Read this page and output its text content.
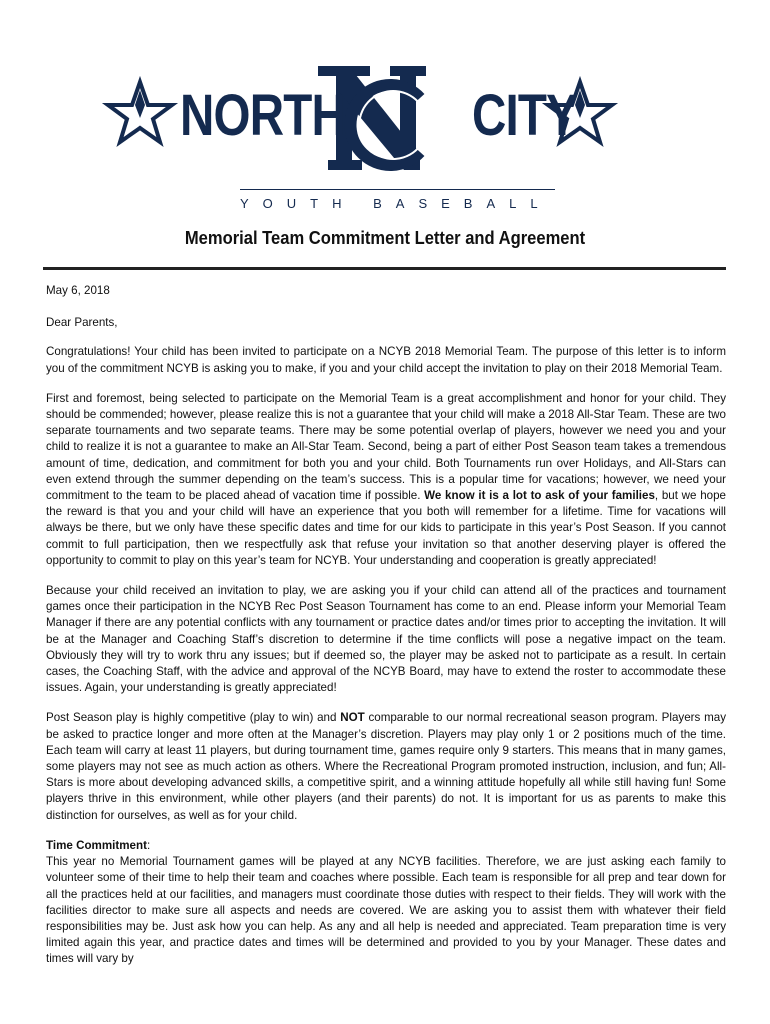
NORTH CITY
YOUTH BASEBALL
Memorial Team Commitment Letter and Agreement

May 6, 2018

Dear Parents,

Congratulations! Your child has been invited to participate on a NCYB 2018 Memorial Team. The purpose of this letter is to inform you of the commitment NCYB is asking you to make, if you and your child accept the invitation to play on their 2018 Memorial Team.

First and foremost, being selected to participate on the Memorial Team is a great accomplishment and honor for your child. They should be commended; however, please realize this is not a guarantee that your child will make a 2018 All-Star Team. These are two separate tournaments and two separate teams. There may be some potential overlap of players, however we need you and your child to realize it is not a guarantee to make an All-Star Team. Second, being a part of either Post Season team takes a tremendous amount of time, dedication, and commitment for both you and your child. Both Tournaments run over Holidays, and All-Stars can even extend through the summer depending on the team’s success. This is a popular time for vacations; however, we need your commitment to the team to be placed ahead of vacation time if possible. We know it is a lot to ask of your families, but we hope the reward is that you and your child will have an experience that you both will remember for a lifetime. Time for vacations will always be there, but we only have these specific dates and time for our kids to participate in this year’s Post Season. If you cannot commit to full participation, then we respectfully ask that refuse your invitation so that another deserving player is offered the opportunity to commit to play on this year’s team for NCYB. Your understanding and cooperation is greatly appreciated!

Because your child received an invitation to play, we are asking you if your child can attend all of the practices and tournament games once their participation in the NCYB Rec Post Season Tournament has come to an end. Please inform your Memorial Team Manager if there are any potential conflicts with any tournament or practice dates and/or times prior to accepting the invitation. It will be at the Manager and Coaching Staff’s discretion to determine if the time conflicts will pose a negative impact on the team. Obviously they will try to work thru any issues; but if deemed so, the player may be asked not to participate as a result. In certain cases, the Coaching Staff, with the advice and approval of the NCYB Board, may have to extend the roster to accommodate these issues. Again, your understanding is greatly appreciated!

Post Season play is highly competitive (play to win) and NOT comparable to our normal recreational season program. Players may be asked to practice longer and more often at the Manager’s discretion. Players may play only 1 or 2 positions much of the time. Each team will carry at least 11 players, but during tournament time, games require only 9 starters. This means that in many games, some players may not see as much action as others. Where the Recreational Program promoted instruction, inclusion, and fun; All-Stars is more about developing advanced skills, a competitive spirit, and a winning attitude hopefully all while still having fun! Some players thrive in this environment, while other players (and their parents) do not. It is important for us as parents to make this distinction for ourselves, as well as for your child.

Time Commitment:

This year no Memorial Tournament games will be played at any NCYB facilities. Therefore, we are just asking each family to volunteer some of their time to help their team and coaches where possible. Each team is responsible for all prep and tear down for all the practices held at our facilities, and managers must coordinate those duties with respect to their fields. They will work with the facilities director to make sure all aspects and needs are covered. We are asking you to assist them with whatever their field responsibilities may be. Just ask how you can help. As any and all help is needed and appreciated. Team preparation time is very limited again this year, and practice dates and times will be determined and provided to you by your Manager. These dates and times will vary by
